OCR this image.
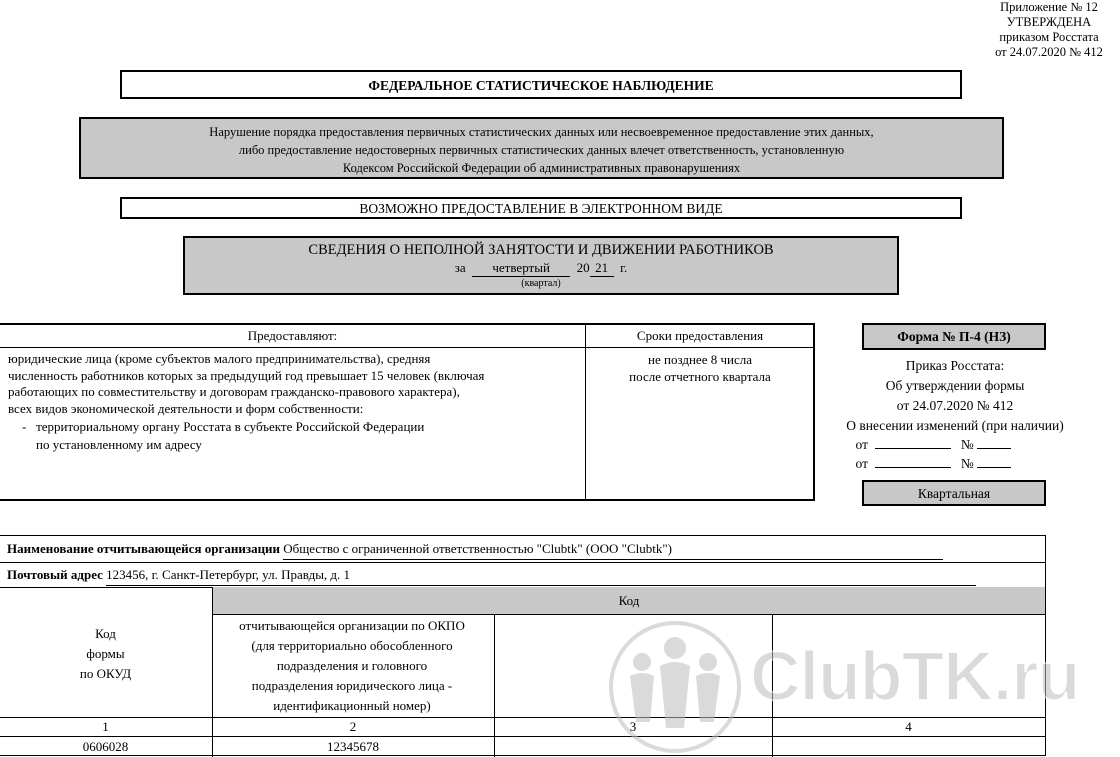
Приложение № 12
УТВЕРЖДЕНА
приказом Росстата
от 24.07.2020 № 412
ФЕДЕРАЛЬНОЕ СТАТИСТИЧЕСКОЕ НАБЛЮДЕНИЕ
Нарушение порядка предоставления первичных статистических данных или несвоевременное предоставление этих данных,
либо предоставление недостоверных первичных статистических данных влечет ответственность, установленную
Кодексом Российской Федерации об административных правонарушениях
ВОЗМОЖНО ПРЕДОСТАВЛЕНИЕ В ЭЛЕКТРОННОМ ВИДЕ
СВЕДЕНИЯ О НЕПОЛНОЙ ЗАНЯТОСТИ И ДВИЖЕНИИ РАБОТНИКОВ
за четвертый 20 21 г.
(квартал)
Предоставляют:	Сроки предоставления
юридические лица (кроме субъектов малого предпринимательства), средняя
численность работников которых за предыдущий год превышает 15 человек (включая
работающих по совместительству и договорам гражданско-правового характера),
всех видов экономической деятельности и форм собственности:
- территориальному органу Росстата в субъекте Российской Федерации
по установленному им адресу
не позднее 8 числа
после отчетного квартала
Форма № П-4 (НЗ)
Приказ Росстата:
Об утверждении формы
от 24.07.2020 № 412
О внесении изменений (при наличии)
от	№
от	№
Квартальная
Наименование отчитывающейся организации Общество с ограниченной ответственностью "Clubtk" (ООО "Clubtk")
Почтовый адрес 123456, г. Санкт-Петербург, ул. Правды, д. 1
Код
Код
формы
по ОКУД
отчитывающейся организации по ОКПО
(для территориально обособленного
подразделения и головного
подразделения юридического лица -
идентификационный номер)
1	2	3	4
0606028	12345678
ClubTK.ru
